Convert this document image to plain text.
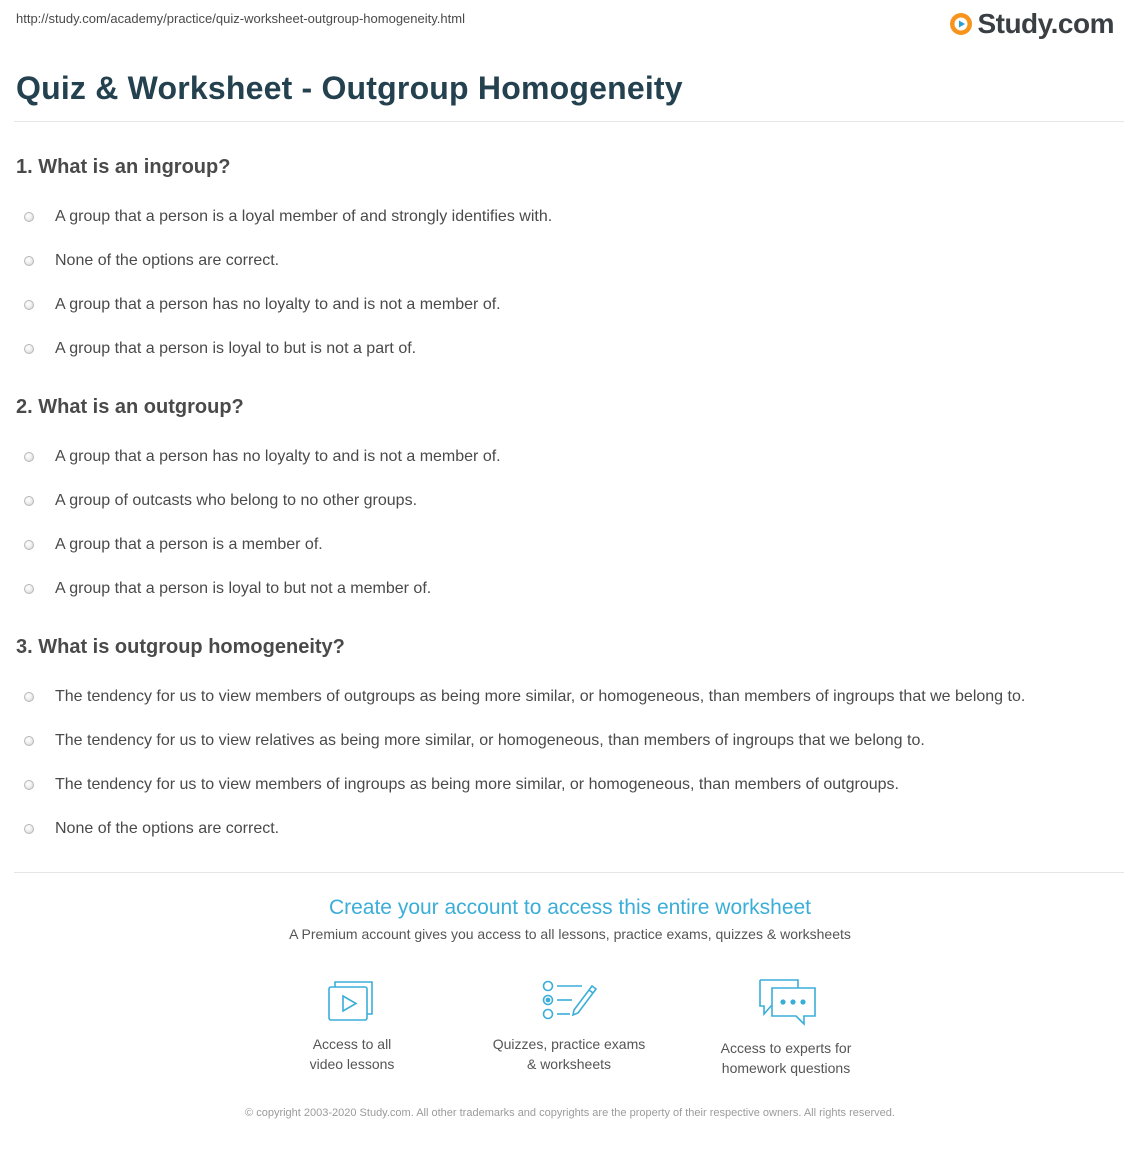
http://study.com/academy/practice/quiz-worksheet-outgroup-homogeneity.html	Study.com
Quiz & Worksheet - Outgroup Homogeneity
1. What is an ingroup?
A group that a person is a loyal member of and strongly identifies with.
None of the options are correct.
A group that a person has no loyalty to and is not a member of.
A group that a person is loyal to but is not a part of.
2. What is an outgroup?
A group that a person has no loyalty to and is not a member of.
A group of outcasts who belong to no other groups.
A group that a person is a member of.
A group that a person is loyal to but not a member of.
3. What is outgroup homogeneity?
The tendency for us to view members of outgroups as being more similar, or homogeneous, than members of ingroups that we belong to.
The tendency for us to view relatives as being more similar, or homogeneous, than members of ingroups that we belong to.
The tendency for us to view members of ingroups as being more similar, or homogeneous, than members of outgroups.
None of the options are correct.
Create your account to access this entire worksheet
A Premium account gives you access to all lessons, practice exams, quizzes & worksheets
Access to all
video lessons
Quizzes, practice exams
& worksheets
Access to experts for
homework questions
© copyright 2003-2020 Study.com. All other trademarks and copyrights are the property of their respective owners. All rights reserved.
